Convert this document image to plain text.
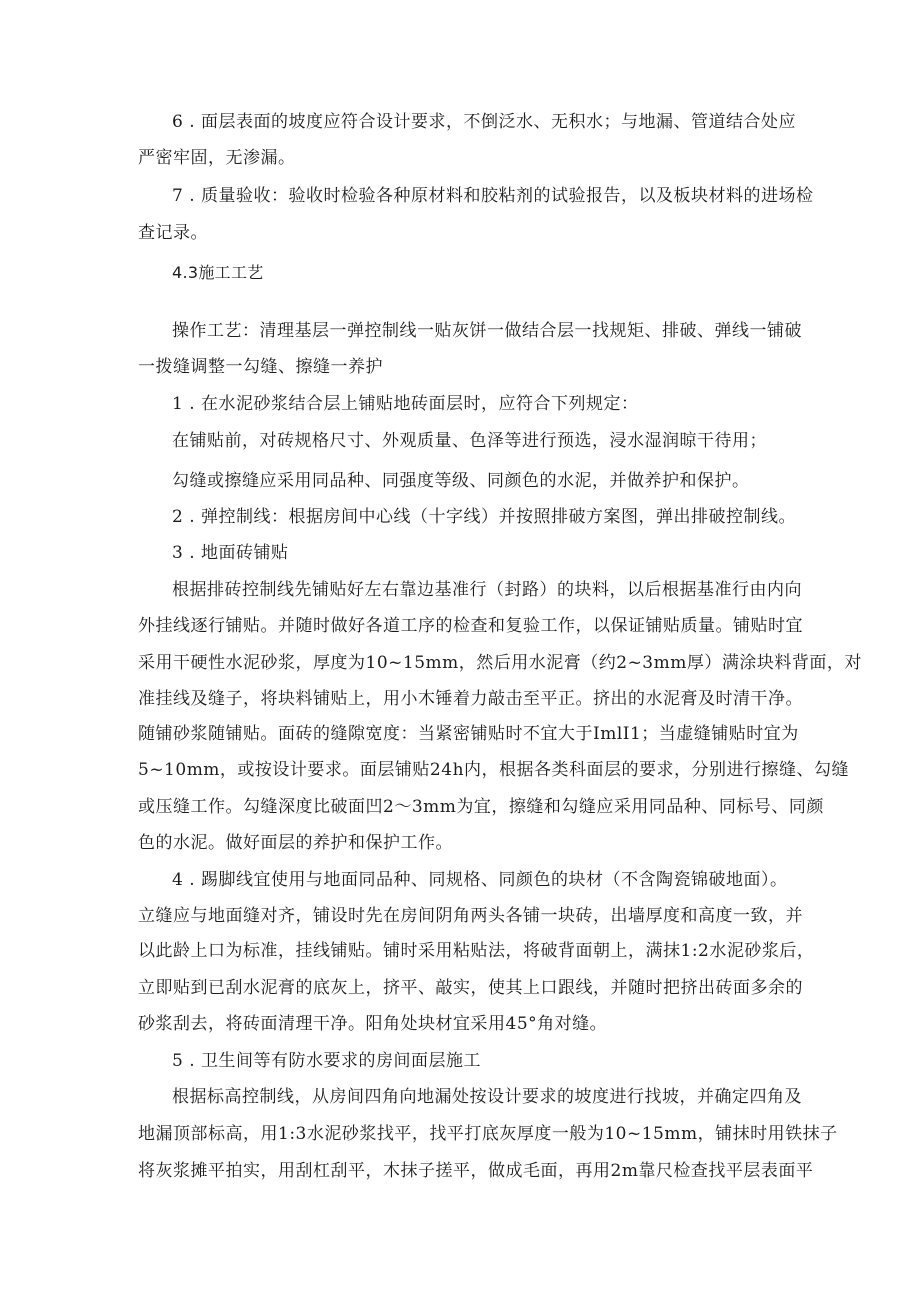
6 . 面层表面的坡度应符合设计要求，不倒泛水、无积水；与地漏、管道结合处应
严密牢固，无渗漏。
7 . 质量验收：验收时检验各种原材料和胶粘剂的试验报告，以及板块材料的进场检
查记录。
4.3施工工艺
操作工艺：清理基层一弹控制线一贴灰饼一做结合层一找规矩、排破、弹线一铺破
一拨缝调整一勾缝、擦缝一养护
1 . 在水泥砂浆结合层上铺贴地砖面层时，应符合下列规定：
在铺贴前，对砖规格尺寸、外观质量、色泽等进行预选，浸水湿润晾干待用；
勾缝或擦缝应采用同品种、同强度等级、同颜色的水泥，并做养护和保护。
2 . 弹控制线：根据房间中心线（十字线）并按照排破方案图，弹出排破控制线。
3 . 地面砖铺贴
根据排砖控制线先铺贴好左右靠边基准行（封路）的块料，以后根据基准行由内向
外挂线逐行铺贴。并随时做好各道工序的检查和复验工作，以保证铺贴质量。铺贴时宜
采用干硬性水泥砂浆，厚度为10~15mm，然后用水泥膏（约2~3mm厚）满涂块料背面，对
准挂线及缝子，将块料铺贴上，用小木锤着力敲击至平正。挤出的水泥膏及时清干净。
随铺砂浆随铺贴。面砖的缝隙宽度：当紧密铺贴时不宜大于ImlI1；当虚缝铺贴时宜为
5~10mm，或按设计要求。面层铺贴24h内，根据各类科面层的要求，分别进行擦缝、勾缝
或压缝工作。勾缝深度比破面凹2～3mm为宜，擦缝和勾缝应采用同品种、同标号、同颜
色的水泥。做好面层的养护和保护工作。
4 . 踢脚线宜使用与地面同品种、同规格、同颜色的块材（不含陶瓷锦破地面）。
立缝应与地面缝对齐，铺设时先在房间阴角两头各铺一块砖，出墙厚度和高度一致，并
以此龄上口为标准，挂线铺贴。铺时采用粘贴法，将破背面朝上，满抹1:2水泥砂浆后，
立即贴到已刮水泥膏的底灰上，挤平、敲实，使其上口跟线，并随时把挤出砖面多余的
砂浆刮去，将砖面清理干净。阳角处块材宜采用45°角对缝。
5 . 卫生间等有防水要求的房间面层施工
根据标高控制线，从房间四角向地漏处按设计要求的坡度进行找坡，并确定四角及
地漏顶部标高，用1:3水泥砂浆找平，找平打底灰厚度一般为10~15mm，铺抹时用铁抹子
将灰浆摊平拍实，用刮杠刮平，木抹子搓平，做成毛面，再用2m靠尺检查找平层表面平
